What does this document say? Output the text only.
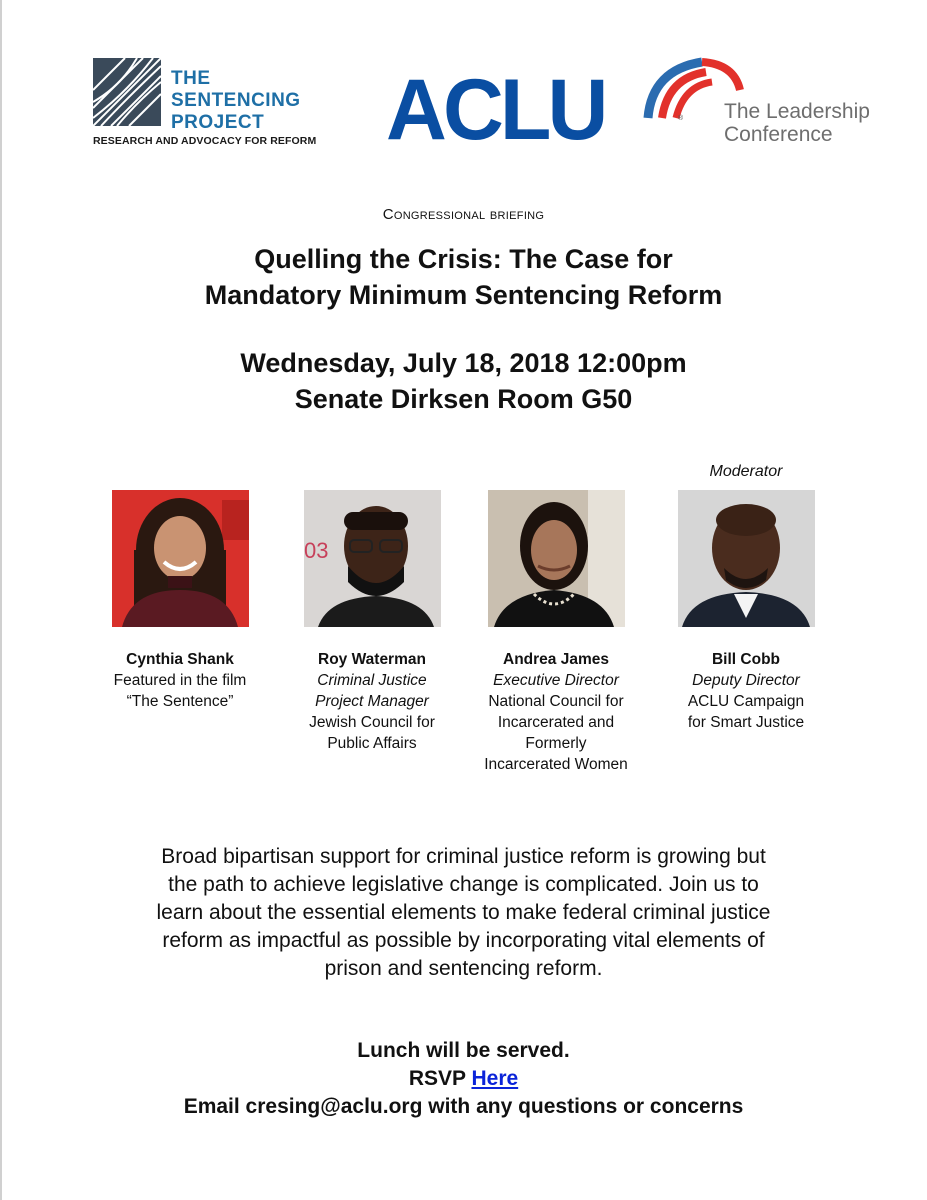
THE
SENTENCING
PROJECT
RESEARCH AND ADVOCACY FOR REFORM ACLU	® The Leadership
Conference
Congressional briefing
Quelling the Crisis: The Case for
Mandatory Minimum Sentencing Reform
Wednesday, July 18, 2018 12:00pm
Senate Dirksen Room G50
Moderator
Cynthia Shank
Featured in the film
“The Sentence”
03
Roy Waterman
Criminal Justice
Project Manager
Jewish Council for
Public Affairs
Andrea James
Executive Director
National Council for
Incarcerated and
Formerly
Incarcerated Women
Bill Cobb
Deputy Director
ACLU Campaign
for Smart Justice
Broad bipartisan support for criminal justice reform is growing but
the path to achieve legislative change is complicated. Join us to
learn about the essential elements to make federal criminal justice
reform as impactful as possible by incorporating vital elements of
prison and sentencing reform.
Lunch will be served.
RSVP Here
Email cresing@aclu.org with any questions or concerns
